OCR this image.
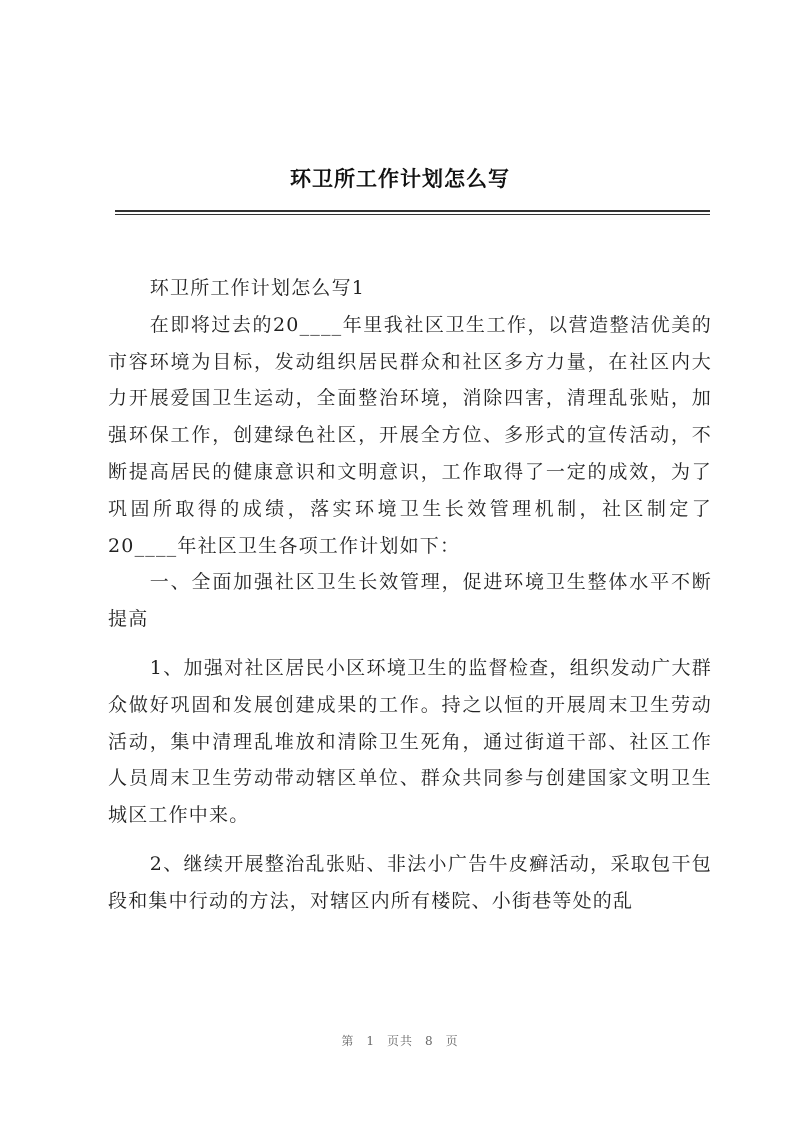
环卫所工作计划怎么写

环卫所工作计划怎么写1

在即将过去的20____年里我社区卫生工作，以营造整洁优美的市容环境为目标，发动组织居民群众和社区多方力量，在社区内大力开展爱国卫生运动，全面整治环境，消除四害，清理乱张贴，加强环保工作，创建绿色社区，开展全方位、多形式的宣传活动，不断提高居民的健康意识和文明意识，工作取得了一定的成效，为了巩固所取得的成绩，落实环境卫生长效管理机制，社区制定了20____年社区卫生各项工作计划如下：

一、全面加强社区卫生长效管理，促进环境卫生整体水平不断提高

1、加强对社区居民小区环境卫生的监督检查，组织发动广大群众做好巩固和发展创建成果的工作。持之以恒的开展周末卫生劳动活动，集中清理乱堆放和清除卫生死角，通过街道干部、社区工作人员周末卫生劳动带动辖区单位、群众共同参与创建国家文明卫生城区工作中来。

2、继续开展整治乱张贴、非法小广告牛皮癣活动，采取包干包段和集中行动的方法，对辖区内所有楼院、小街巷等处的乱

第 1 页共 8 页
